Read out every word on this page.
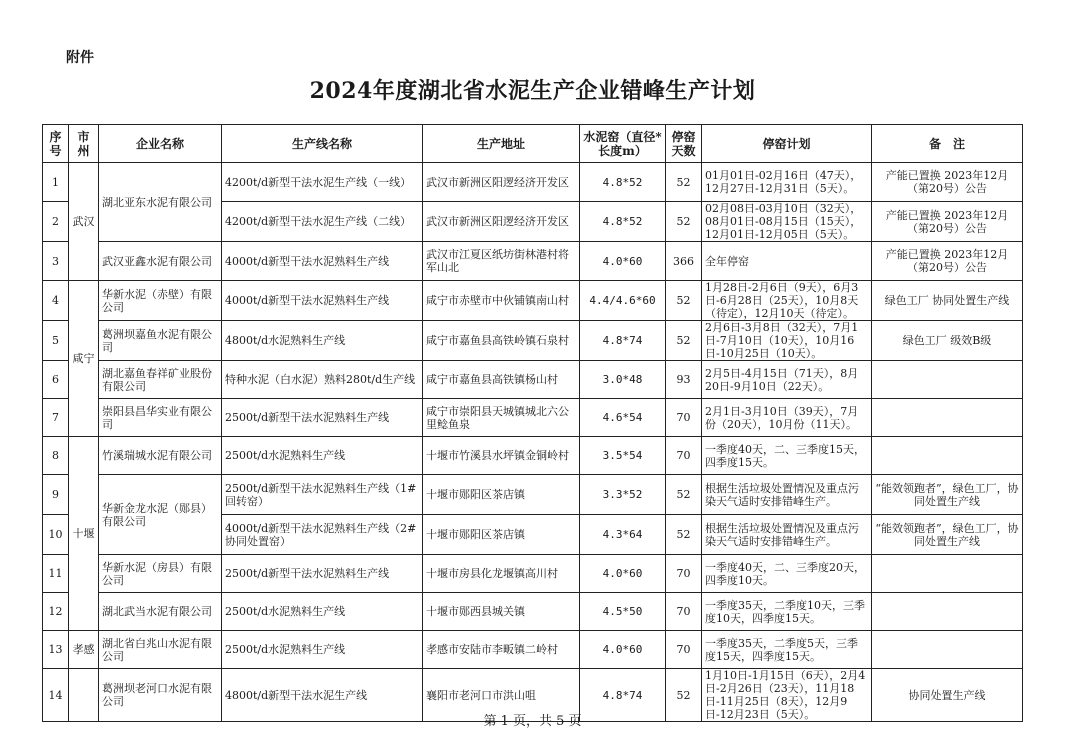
附件
2024年度湖北省水泥生产企业错峰生产计划
序号	市州	企业名称	生产线名称	生产地址	水泥窑（直径*长度m）	停窑天数	停窑计划	备　注
1	武汉	湖北亚东水泥有限公司	4200t/d新型干法水泥生产线（一线）	武汉市新洲区阳逻经济开发区	4.8*52	52	01月01日-02月16日（47天），12月27日-12月31日（5天）。	产能已置换 2023年12月（第20号）公告
2			4200t/d新型干法水泥生产线（二线）	武汉市新洲区阳逻经济开发区	4.8*52	52	02月08日-03月10日（32天），08月01日-08月15日（15天），12月01日-12月05日（5天）。	产能已置换 2023年12月（第20号）公告
3		武汉亚鑫水泥有限公司	4000t/d新型干法水泥熟料生产线	武汉市江夏区纸坊街林港村将军山北	4.0*60	366	全年停窑	产能已置换 2023年12月（第20号）公告
4	咸宁	华新水泥（赤壁）有限公司	4000t/d新型干法水泥熟料生产线	咸宁市赤壁市中伙铺镇南山村	4.4/4.6*60	52	1月28日-2月6日（9天），6月3日-6月28日（25天），10月8天（待定），12月10天（待定）。	绿色工厂 协同处置生产线
5		葛洲坝嘉鱼水泥有限公司	4800t/d水泥熟料生产线	咸宁市嘉鱼县高铁岭镇石泉村	4.8*74	52	2月6日-3月8日（32天），7月1日-7月10日（10天），10月16日-10月25日（10天）。	绿色工厂 级效B级
6		湖北嘉鱼春祥矿业股份有限公司	特种水泥（白水泥）熟料280t/d生产线	咸宁市嘉鱼县高铁镇杨山村	3.0*48	93	2月5日-4月15日（71天），8月20日-9月10日（22天）。	
7		崇阳县昌华实业有限公司	2500t/d新型干法水泥熟料生产线	咸宁市崇阳县天城镇城北六公里鲶鱼泉	4.6*54	70	2月1日-3月10日（39天），7月份（20天），10月份（11天）。	
8	十堰	竹溪瑞城水泥有限公司	2500t/d水泥熟料生产线	十堰市竹溪县水坪镇金铜岭村	3.5*54	70	一季度40天，二、三季度15天，四季度15天。	
9		华新金龙水泥（郧县）有限公司	2500t/d新型干法水泥熟料生产线（1#回转窑）	十堰市郧阳区茶店镇	3.3*52	52	根据生活垃圾处置情况及重点污染天气适时安排错峰生产。	“能效领跑者”，绿色工厂，协同处置生产线
10			4000t/d新型干法水泥熟料生产线（2#协同处置窑）	十堰市郧阳区茶店镇	4.3*64	52	根据生活垃圾处置情况及重点污染天气适时安排错峰生产。	“能效领跑者”，绿色工厂，协同处置生产线
11		华新水泥（房县）有限公司	2500t/d新型干法水泥熟料生产线	十堰市房县化龙堰镇高川村	4.0*60	70	一季度40天，二、三季度20天，四季度10天。	
12		湖北武当水泥有限公司	2500t/d水泥熟料生产线	十堰市郧西县城关镇	4.5*50	70	一季度35天，二季度10天，三季度10天，四季度15天。	
13	孝感	湖北省白兆山水泥有限公司	2500t/d水泥熟料生产线	孝感市安陆市李畈镇二岭村	4.0*60	70	一季度35天，二季度5天，三季度15天，四季度15天。	
14		葛洲坝老河口水泥有限公司	4800t/d新型干法水泥生产线	襄阳市老河口市洪山咀	4.8*74	52	1月10日-1月15日（6天），2月4日-2月26日（23天），11月18日-11月25日（8天），12月9日-12月23日（5天）。	协同处置生产线
第 1 页，共 5 页
